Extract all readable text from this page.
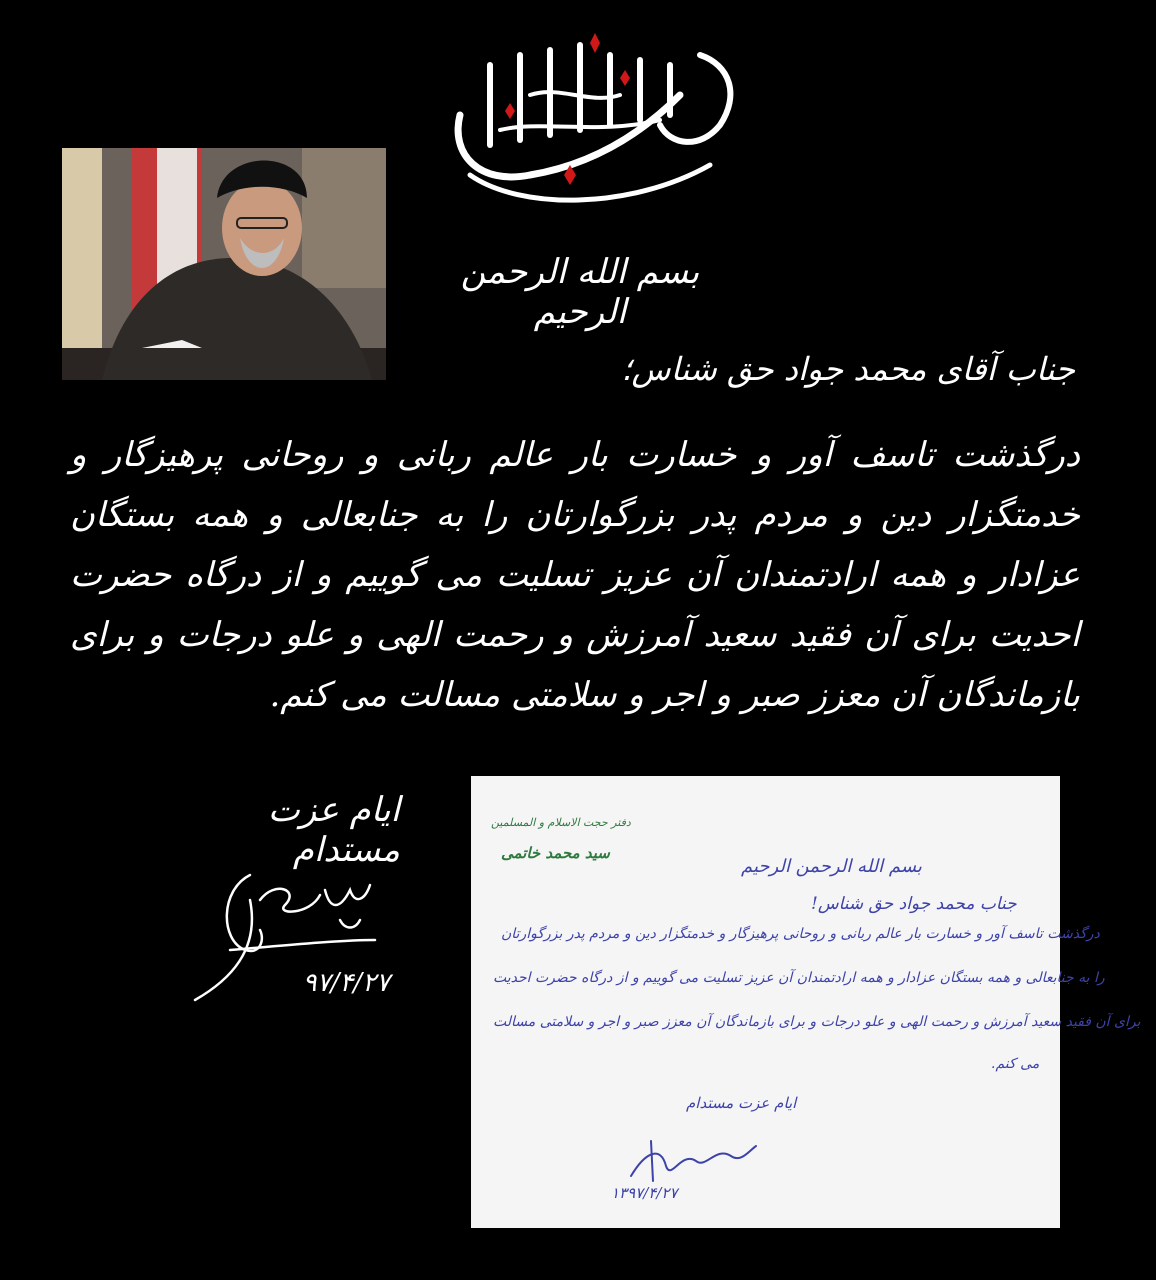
بسم الله الرحمن الرحیم
جناب آقای محمد جواد حق شناس؛
درگذشت تاسف آور و خسارت بار عالم ربانی و روحانی پرهیزگار و خدمتگزار دین و مردم پدر بزرگوارتان را به جنابعالی و همه بستگان عزادار و همه ارادتمندان آن عزیز تسلیت می گوییم و از درگاه حضرت احدیت برای آن فقید سعید آمرزش و رحمت الهی و علو درجات و برای بازماندگان آن معزز صبر و اجر و سلامتی مسالت می کنم.
ایام عزت مستدام
۹۷/۴/۲۷
دفتر حجت الاسلام و المسلمین
سید محمد خاتمی
بسم الله الرحمن الرحیم
جناب محمد جواد حق شناس!
درگذشت تاسف آور و خسارت بار عالم ربانی و روحانی پرهیزگار و خدمتگزار دین و مردم پدر بزرگوارتان
را به جنابعالی و همه بستگان عزادار و همه ارادتمندان آن عزیز تسلیت می گوییم و از درگاه حضرت احدیت
برای آن فقید سعید آمرزش و رحمت الهی و علو درجات و برای بازماندگان آن معزز صبر و اجر و سلامتی مسالت
می کنم.
ایام عزت مستدام
۱۳۹۷/۴/۲۷
